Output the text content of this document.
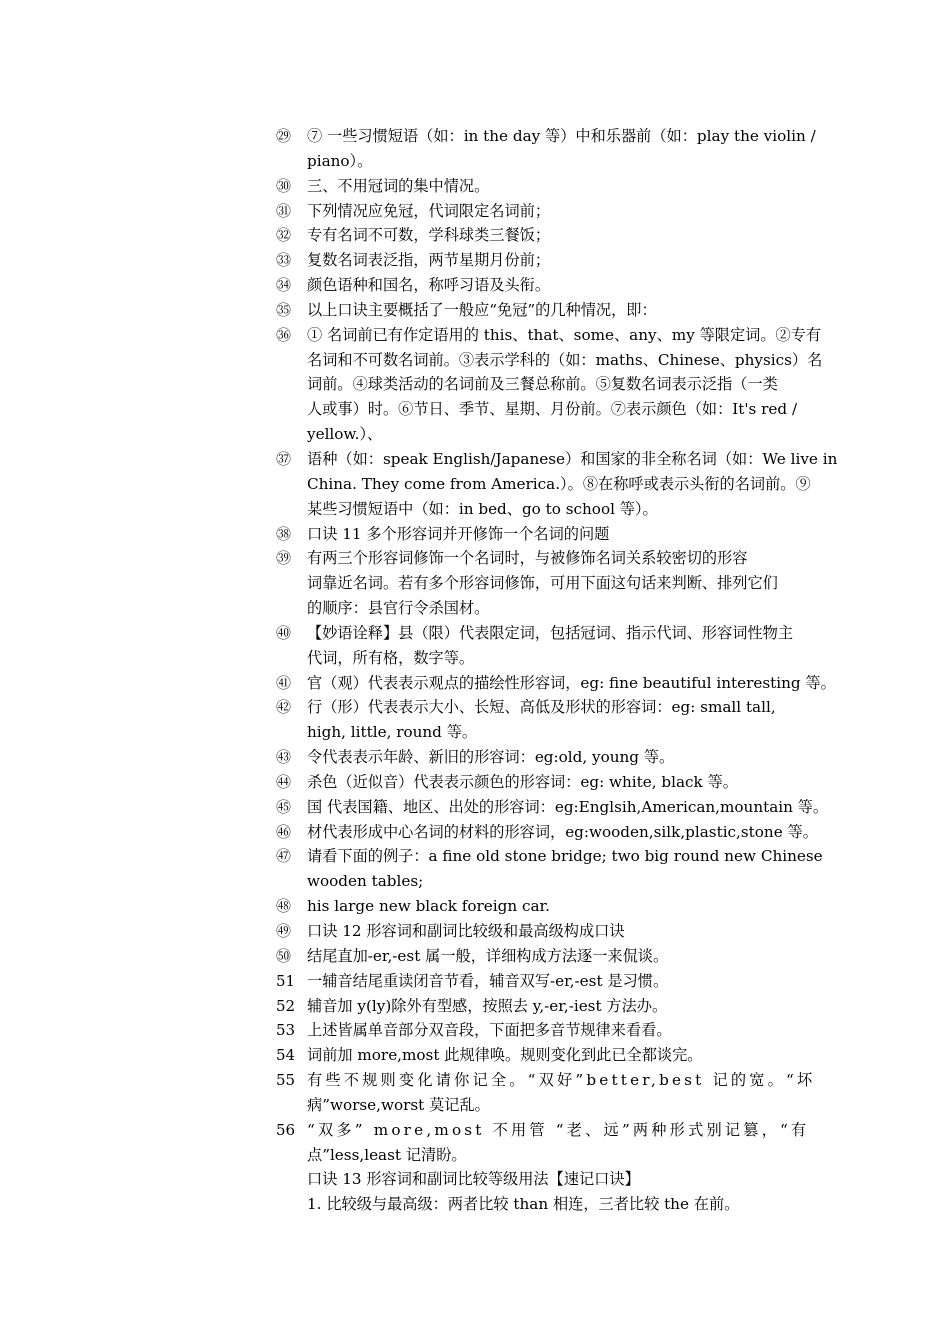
㉙	⑦ 一些习惯短语（如：in the day 等）中和乐器前（如：play the violin /
piano）。
㉚	三、不用冠词的集中情况。
㉛	下列情况应免冠，代词限定名词前；
㉜	专有名词不可数，学科球类三餐饭；
㉝	复数名词表泛指，两节星期月份前；
㉞	颜色语种和国名，称呼习语及头衔。
㉟	以上口诀主要概括了一般应“免冠”的几种情况，即：
㊱	① 名词前已有作定语用的 this、that、some、any、my 等限定词。②专有
名词和不可数名词前。③表示学科的（如：maths、Chinese、physics）名
词前。④球类活动的名词前及三餐总称前。⑤复数名词表示泛指（一类
人或事）时。⑥节日、季节、星期、月份前。⑦表示颜色（如：It's red /
yellow.）、
㊲	语种（如：speak English/Japanese）和国家的非全称名词（如：We live in
China. They come from America.）。⑧在称呼或表示头衔的名词前。⑨
某些习惯短语中（如：in bed、go to school 等）。
㊳	口诀 11 多个形容词并开修饰一个名词的问题
㊴	有两三个形容词修饰一个名词时，与被修饰名词关系较密切的形容
词靠近名词。若有多个形容词修饰，可用下面这句话来判断、排列它们
的顺序：县官行令杀国材。
㊵	【妙语诠释】县（限）代表限定词，包括冠词、指示代词、形容词性物主
代词，所有格，数字等。
㊶	官（观）代表表示观点的描绘性形容词，eg: fine beautiful interesting 等。
㊷	行（形）代表表示大小、长短、高低及形状的形容词：eg: small tall,
high, little, round 等。
㊸	令代表表示年龄、新旧的形容词：eg:old, young 等。
㊹	杀色（近似音）代表表示颜色的形容词：eg: white, black 等。
㊺	国 代表国籍、地区、出处的形容词：eg:Englsih,American,mountain 等。
㊻	材代表形成中心名词的材料的形容词，eg:wooden,silk,plastic,stone 等。
㊼	请看下面的例子：a fine old stone bridge; two big round new Chinese
wooden tables;
㊽	his large new black foreign car.
㊾	口诀 12 形容词和副词比较级和最高级构成口诀
㊿	结尾直加-er,-est 属一般，详细构成方法逐一来侃谈。
51 一辅音结尾重读闭音节看，辅音双写-er,-est 是习惯。
52 辅音加 y(ly)除外有型感，按照去 y,-er,-iest 方法办。
53 上述皆属单音部分双音段，下面把多音节规律来看看。
54 词前加 more,most 此规律唤。规则变化到此已全都谈完。
55 有些不规则变化请你记全。“双好”better,best 记的宽。“坏
病”worse,worst 莫记乱。
56 “双多” more,most 不用管 “老、远”两种形式别记篡，“有
点”less,least 记清盼。
口诀 13 形容词和副词比较等级用法【速记口诀】
1. 比较级与最高级：两者比较 than 相连，三者比较 the 在前。
